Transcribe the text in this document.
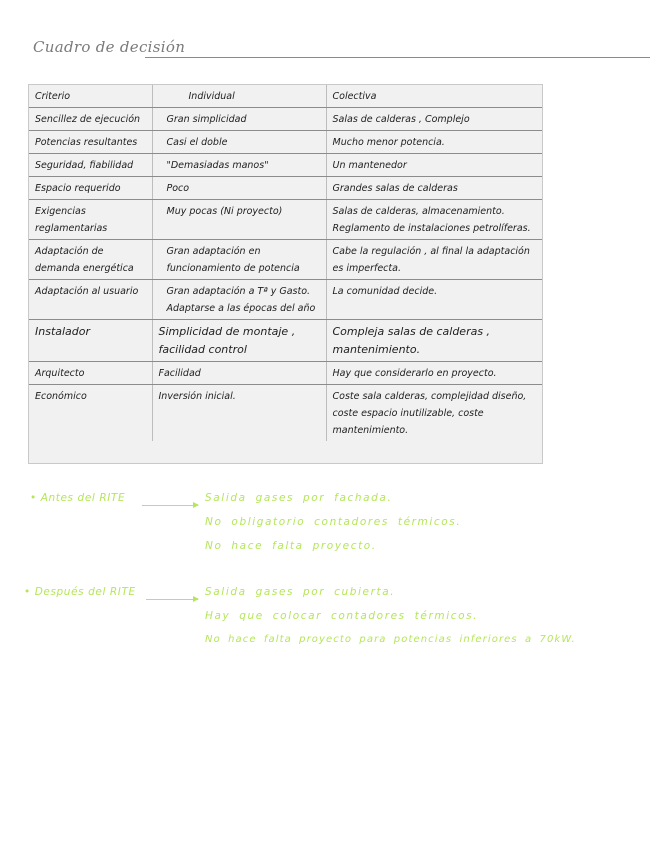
Cuadro de decisión
Criterio	Individual	Colectiva
Sencillez de ejecución	Gran simplicidad	Salas de calderas , Complejo
Potencias resultantes	Casi el doble	Mucho menor potencia.
Seguridad, fiabilidad	"Demasiadas manos"	Un mantenedor
Espacio requerido	Poco	Grandes salas de calderas
Exigencias reglamentarias	Muy pocas (Ni proyecto)	Salas de calderas, almacenamiento. Reglamento de instalaciones petrolíferas.
Adaptación de demanda energética	Gran adaptación en funcionamiento de potencia	Cabe la regulación , al final la adaptación es imperfecta.
Adaptación al usuario	Gran adaptación a Tª y Gasto. Adaptarse a las épocas del año	La comunidad decide.
Instalador	Simplicidad de montaje , facilidad control	Compleja salas de calderas , mantenimiento.
Arquitecto	Facilidad	Hay que considerarlo en proyecto.
Económico	Inversión inicial.	Coste sala calderas, complejidad diseño, coste espacio inutilizable, coste mantenimiento.
• Antes del RITE	Salida gases por fachada.
No obligatorio contadores térmicos.
No hace falta proyecto.
• Después del RITE	Salida gases por cubierta.
Hay que colocar contadores térmicos.
No hace falta proyecto para potencias inferiores a 70kW.
